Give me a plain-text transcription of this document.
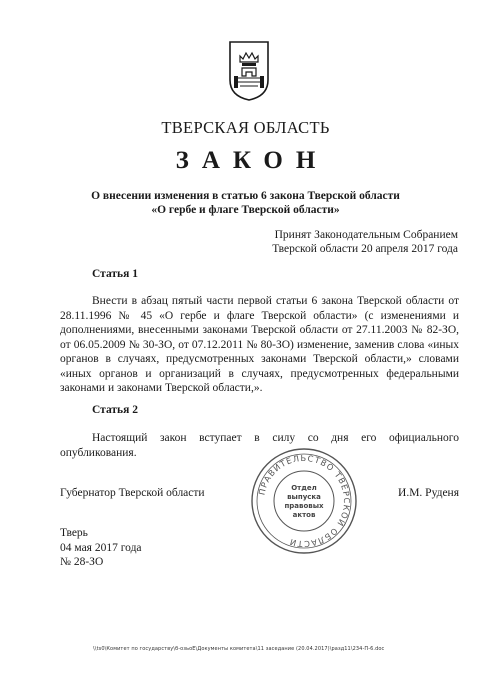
ТВЕРСКАЯ ОБЛАСТЬ
ЗАКОН
О внесении изменения в статью 6 закона Тверской области
«О гербе и флаге Тверской области»
Принят Законодательным Собранием
Тверской области 20 апреля 2017 года
Статья 1
Внести в абзац пятый части первой статьи 6 закона Тверской области от 28.11.1996 № 45 «О гербе и флаге Тверской области» (с изменениями и дополнениями, внесенными законами Тверской области от 27.11.2003 № 82-ЗО, от 06.05.2009 № 30-ЗО, от 07.12.2011 № 80-ЗО) изменение, заменив слова «иных органов в случаях, предусмотренных законами Тверской области,» словами «иных органов и организаций в случаях, предусмотренных федеральными законами и законами Тверской области,».
Статья 2
Настоящий закон вступает в силу со дня его официального опубликования.
Губернатор Тверской области	И.М. Руденя
ПРАВИТЕЛЬСТВО ТВЕРСКОЙ ОБЛАСТИ
Отдел
выпуска
правовых
актов
Тверь
04 мая 2017 года
№ 28-ЗО
\\ts0\Комитет по государству\б-озьоЕ\Документы комитета\11 заседание (20.04.2017)\разд11\234-П-6.doc
